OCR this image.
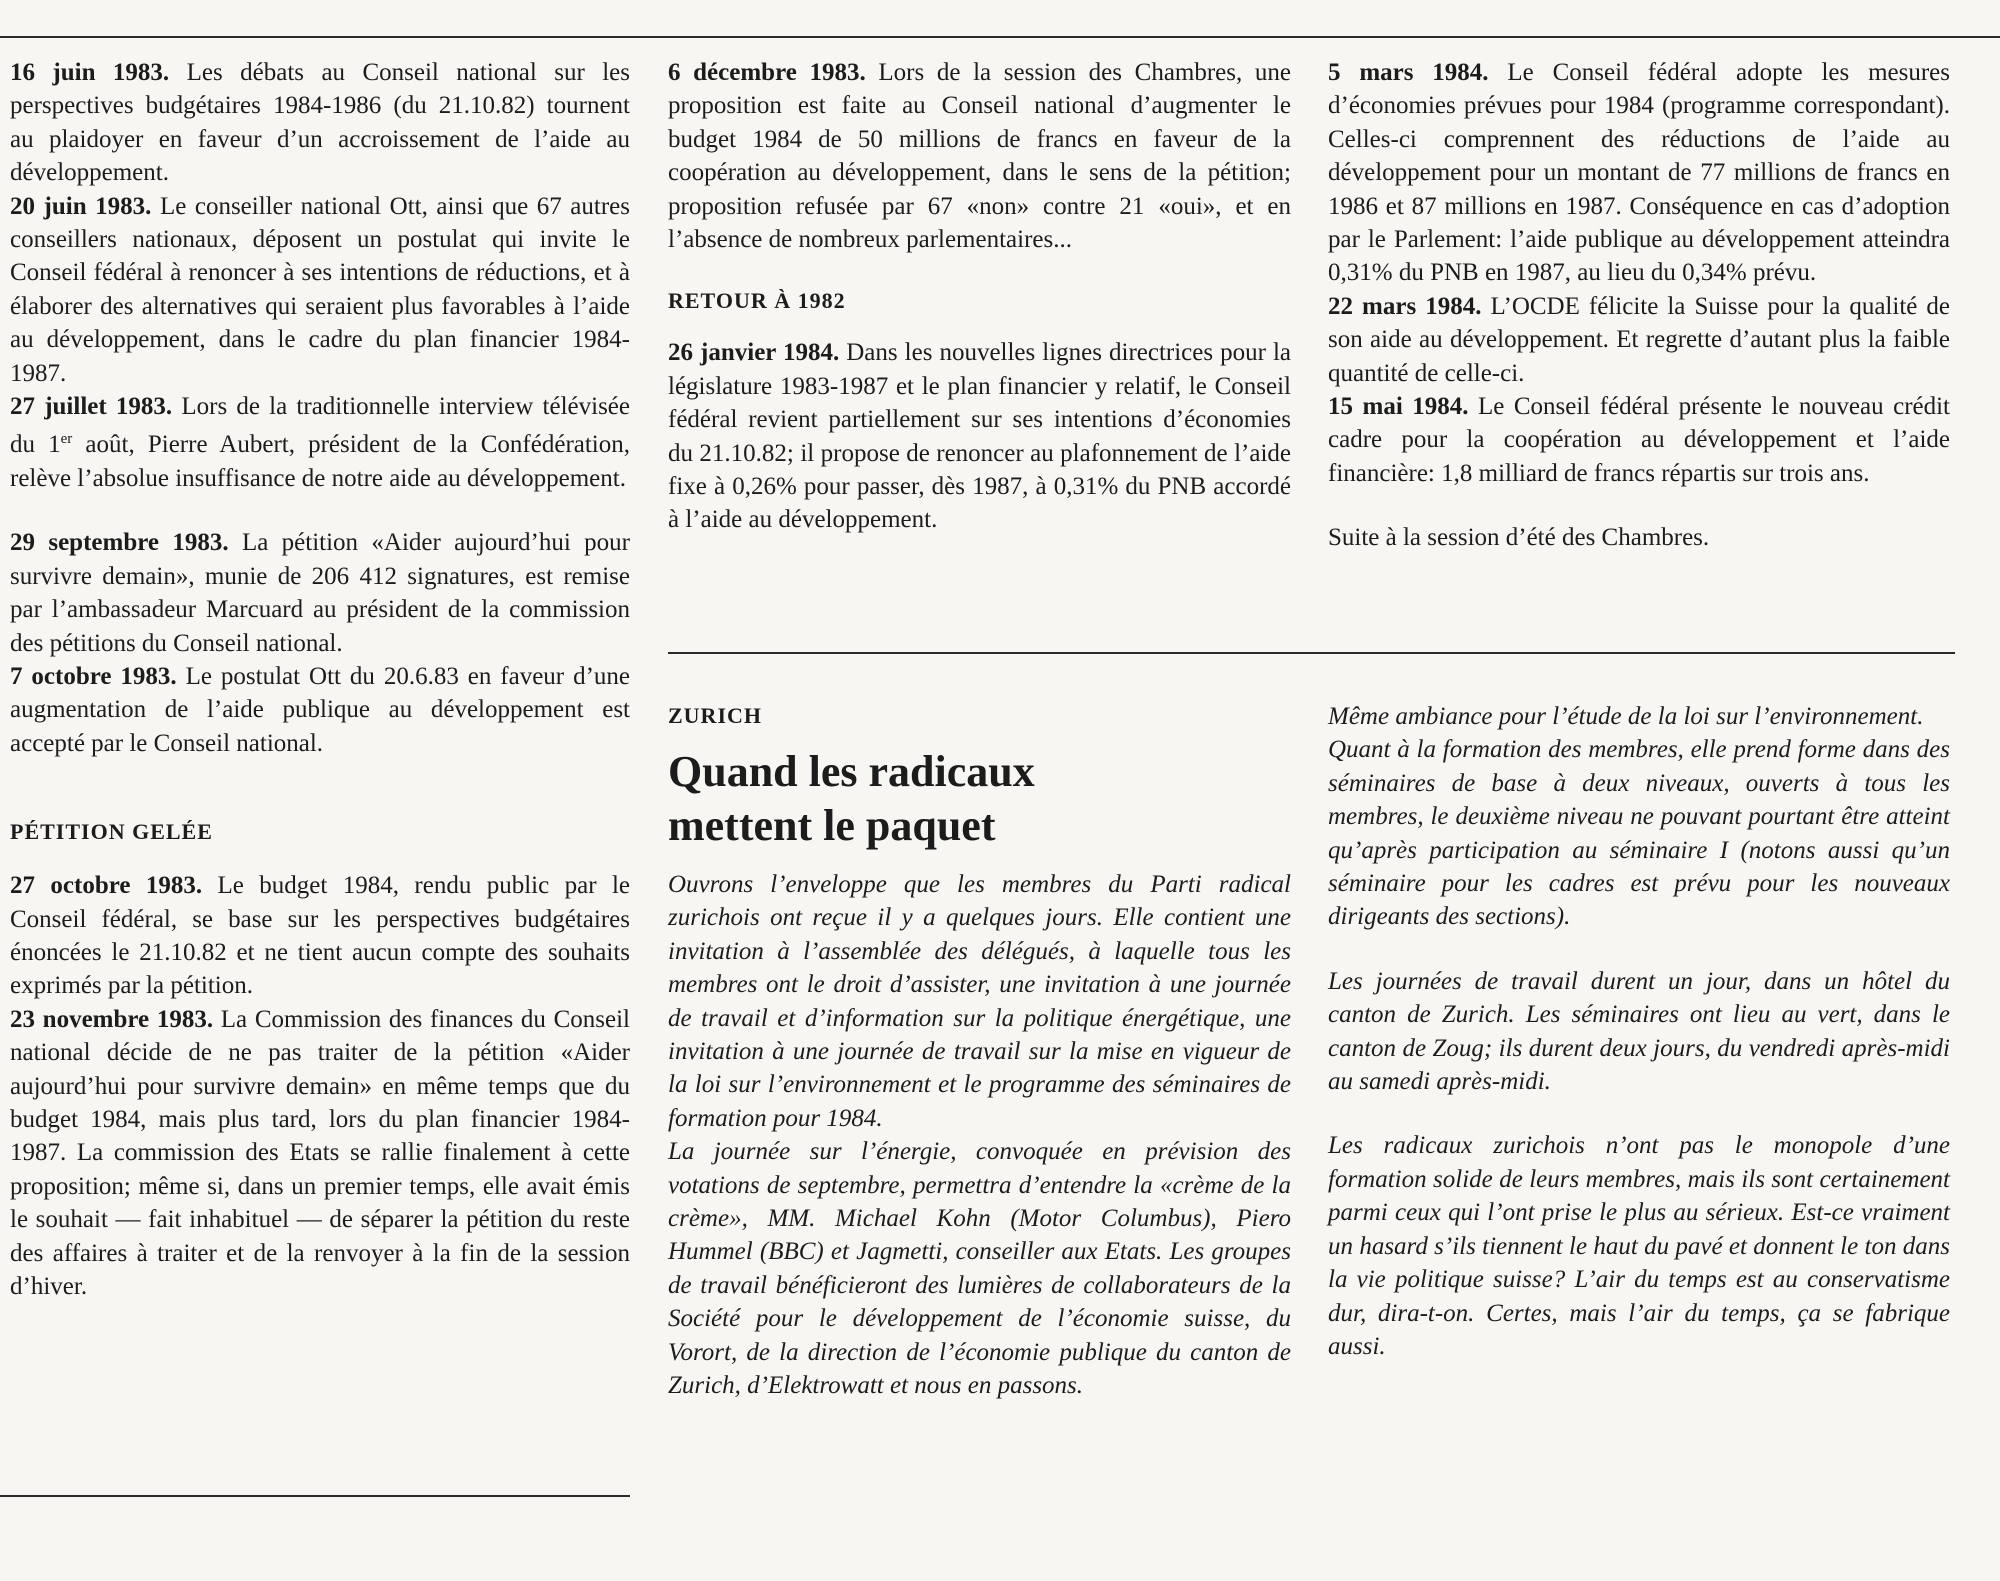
16 juin 1983. Les débats au Conseil national sur les perspectives budgétaires 1984-1986 (du 21.10.82) tournent au plaidoyer en faveur d’un accroissement de l’aide au développement.

20 juin 1983. Le conseiller national Ott, ainsi que 67 autres conseillers nationaux, déposent un postulat qui invite le Conseil fédéral à renoncer à ses intentions de réductions, et à élaborer des alternatives qui seraient plus favorables à l’aide au développement, dans le cadre du plan financier 1984-1987.

27 juillet 1983. Lors de la traditionnelle interview télévisée du 1er août, Pierre Aubert, président de la Confédération, relève l’absolue insuffisance de notre aide au développement.

29 septembre 1983. La pétition «Aider aujourd’hui pour survivre demain», munie de 206 412 signatures, est remise par l’ambassadeur Marcuard au président de la commission des pétitions du Conseil national.

7 octobre 1983. Le postulat Ott du 20.6.83 en faveur d’une augmentation de l’aide publique au développement est accepté par le Conseil national.

PÉTITION GELÉE

27 octobre 1983. Le budget 1984, rendu public par le Conseil fédéral, se base sur les perspectives budgétaires énoncées le 21.10.82 et ne tient aucun compte des souhaits exprimés par la pétition.

23 novembre 1983. La Commission des finances du Conseil national décide de ne pas traiter de la pétition «Aider aujourd’hui pour survivre demain» en même temps que du budget 1984, mais plus tard, lors du plan financier 1984-1987. La commission des Etats se rallie finalement à cette proposition; même si, dans un premier temps, elle avait émis le souhait — fait inhabituel — de séparer la pétition du reste des affaires à traiter et de la renvoyer à la fin de la session d’hiver.

6 décembre 1983. Lors de la session des Chambres, une proposition est faite au Conseil national d’augmenter le budget 1984 de 50 millions de francs en faveur de la coopération au développement, dans le sens de la pétition; proposition refusée par 67 «non» contre 21 «oui», et en l’absence de nombreux parlementaires...

RETOUR À 1982

26 janvier 1984. Dans les nouvelles lignes directrices pour la législature 1983-1987 et le plan financier y relatif, le Conseil fédéral revient partiellement sur ses intentions d’économies du 21.10.82; il propose de renoncer au plafonnement de l’aide fixe à 0,26% pour passer, dès 1987, à 0,31% du PNB accordé à l’aide au développement.

5 mars 1984. Le Conseil fédéral adopte les mesures d’économies prévues pour 1984 (programme correspondant). Celles-ci comprennent des réductions de l’aide au développement pour un montant de 77 millions de francs en 1986 et 87 millions en 1987. Conséquence en cas d’adoption par le Parlement: l’aide publique au développement atteindra 0,31% du PNB en 1987, au lieu du 0,34% prévu.

22 mars 1984. L’OCDE félicite la Suisse pour la qualité de son aide au développement. Et regrette d’autant plus la faible quantité de celle-ci.

15 mai 1984. Le Conseil fédéral présente le nouveau crédit cadre pour la coopération au développement et l’aide financière: 1,8 milliard de francs répartis sur trois ans.

Suite à la session d’été des Chambres.

ZURICH
Quand les radicaux
mettent le paquet

Ouvrons l’enveloppe que les membres du Parti radical zurichois ont reçue il y a quelques jours. Elle contient une invitation à l’assemblée des délégués, à laquelle tous les membres ont le droit d’assister, une invitation à une journée de travail et d’information sur la politique énergétique, une invitation à une journée de travail sur la mise en vigueur de la loi sur l’environnement et le programme des séminaires de formation pour 1984.

La journée sur l’énergie, convoquée en prévision des votations de septembre, permettra d’entendre la «crème de la crème», MM. Michael Kohn (Motor Columbus), Piero Hummel (BBC) et Jagmetti, conseiller aux Etats. Les groupes de travail bénéficieront des lumières de collaborateurs de la Société pour le développement de l’économie suisse, du Vorort, de la direction de l’économie publique du canton de Zurich, d’Elektrowatt et nous en passons.

Même ambiance pour l’étude de la loi sur l’environnement.

Quant à la formation des membres, elle prend forme dans des séminaires de base à deux niveaux, ouverts à tous les membres, le deuxième niveau ne pouvant pourtant être atteint qu’après participation au séminaire I (notons aussi qu’un séminaire pour les cadres est prévu pour les nouveaux dirigeants des sections).

Les journées de travail durent un jour, dans un hôtel du canton de Zurich. Les séminaires ont lieu au vert, dans le canton de Zoug; ils durent deux jours, du vendredi après-midi au samedi après-midi.

Les radicaux zurichois n’ont pas le monopole d’une formation solide de leurs membres, mais ils sont certainement parmi ceux qui l’ont prise le plus au sérieux. Est-ce vraiment un hasard s’ils tiennent le haut du pavé et donnent le ton dans la vie politique suisse? L’air du temps est au conservatisme dur, dira-t-on. Certes, mais l’air du temps, ça se fabrique aussi.
